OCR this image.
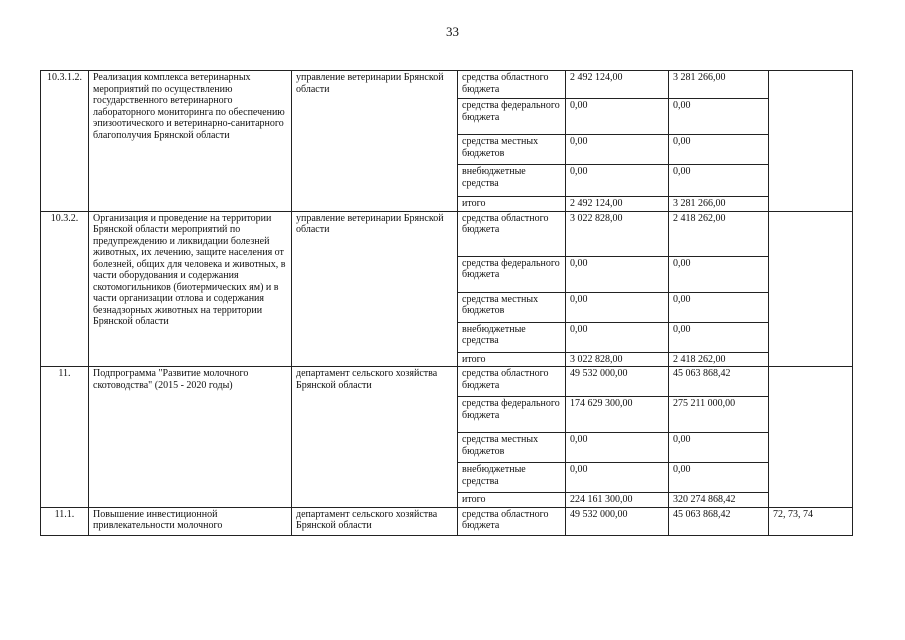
33
10.3.1.2.	Реализация комплекса ветеринарных мероприятий по осуществлению государственного ветеринарного лабораторного мониторинга по обеспечению эпизоотического и ветеринарно-санитарного благополучия Брянской области	управление ветеринарии Брянской области	средства областного бюджета	2 492 124,00	3 281 266,00	
			средства федерального бюджета	0,00	0,00	
			средства местных бюджетов	0,00	0,00	
			внебюджетные средства	0,00	0,00	
			итого	2 492 124,00	3 281 266,00	
10.3.2.	Организация и проведение на территории Брянской области мероприятий по предупреждению и ликвидации болезней животных, их лечению, защите населения от болезней, общих для человека и животных, в части оборудования и содержания скотомогильников (биотермических ям) и в части организации отлова и содержания безнадзорных животных на территории Брянской области	управление ветеринарии Брянской области	средства областного бюджета	3 022 828,00	2 418 262,00	
			средства федерального бюджета	0,00	0,00	
			средства местных бюджетов	0,00	0,00	
			внебюджетные средства	0,00	0,00	
			итого	3 022 828,00	2 418 262,00	
11.	Подпрограмма "Развитие молочного скотоводства" (2015 - 2020 годы)	департамент сельского хозяйства Брянской области	средства областного бюджета	49 532 000,00	45 063 868,42	
			средства федерального бюджета	174 629 300,00	275 211 000,00	
			средства местных бюджетов	0,00	0,00	
			внебюджетные средства	0,00	0,00	
			итого	224 161 300,00	320 274 868,42	
11.1.	Повышение инвестиционной привлекательности молочного	департамент сельского хозяйства Брянской области	средства областного бюджета	49 532 000,00	45 063 868,42	72, 73, 74
